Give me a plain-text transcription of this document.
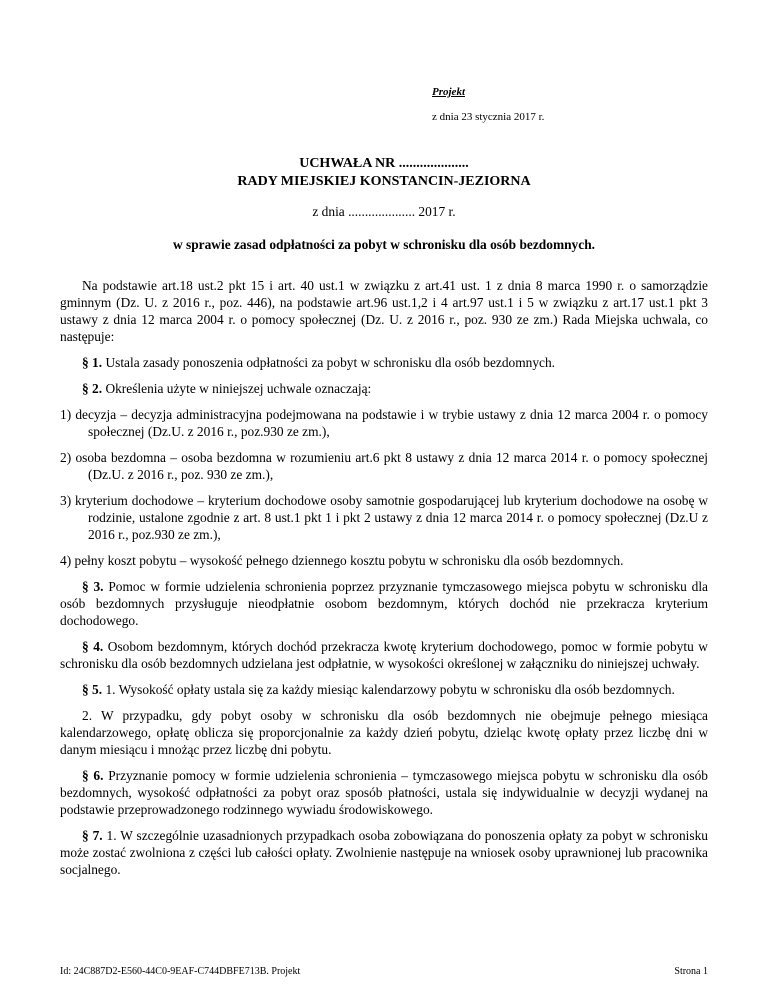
Projekt
z dnia 23 stycznia 2017 r.
UCHWAŁA NR ....................
RADY MIEJSKIEJ KONSTANCIN-JEZIORNA
z dnia .................... 2017 r.
w sprawie zasad odpłatności za pobyt w schronisku dla osób bezdomnych.

Na podstawie art.18 ust.2 pkt 15 i art. 40 ust.1 w związku z art.41 ust. 1 z dnia 8 marca 1990 r. o samorządzie gminnym (Dz. U. z 2016 r., poz. 446), na podstawie art.96 ust.1,2 i 4 art.97 ust.1 i 5 w związku z art.17 ust.1 pkt 3 ustawy z dnia 12 marca 2004 r. o pomocy społecznej (Dz. U. z 2016 r., poz. 930 ze zm.) Rada Miejska uchwala, co następuje:

§ 1. Ustala zasady ponoszenia odpłatności za pobyt w schronisku dla osób bezdomnych.

§ 2. Określenia użyte w niniejszej uchwale oznaczają:

1) decyzja – decyzja administracyjna podejmowana na podstawie i w trybie ustawy z dnia 12 marca 2004 r. o pomocy społecznej (Dz.U. z 2016 r., poz.930 ze zm.),

2) osoba bezdomna – osoba bezdomna w rozumieniu art.6 pkt 8 ustawy z dnia 12 marca 2014 r. o pomocy społecznej (Dz.U. z 2016 r., poz. 930 ze zm.),

3) kryterium dochodowe – kryterium dochodowe osoby samotnie gospodarującej lub kryterium dochodowe na osobę w rodzinie, ustalone zgodnie z art. 8 ust.1 pkt 1 i pkt 2 ustawy z dnia 12 marca 2014 r. o pomocy społecznej (Dz.U z 2016 r., poz.930 ze zm.),

4) pełny koszt pobytu – wysokość pełnego dziennego kosztu pobytu w schronisku dla osób bezdomnych.

§ 3. Pomoc w formie udzielenia schronienia poprzez przyznanie tymczasowego miejsca pobytu w schronisku dla osób bezdomnych przysługuje nieodpłatnie osobom bezdomnym, których dochód nie przekracza kryterium dochodowego.

§ 4. Osobom bezdomnym, których dochód przekracza kwotę kryterium dochodowego, pomoc w formie pobytu w schronisku dla osób bezdomnych udzielana jest odpłatnie, w wysokości określonej w załączniku do niniejszej uchwały.

§ 5. 1. Wysokość opłaty ustala się za każdy miesiąc kalendarzowy pobytu w schronisku dla osób bezdomnych.

2. W przypadku, gdy pobyt osoby w schronisku dla osób bezdomnych nie obejmuje pełnego miesiąca kalendarzowego, opłatę oblicza się proporcjonalnie za każdy dzień pobytu, dzieląc kwotę opłaty przez liczbę dni w danym miesiącu i mnożąc przez liczbę dni pobytu.

§ 6. Przyznanie pomocy w formie udzielenia schronienia – tymczasowego miejsca pobytu w schronisku dla osób bezdomnych, wysokość odpłatności za pobyt oraz sposób płatności, ustala się indywidualnie w decyzji wydanej na podstawie przeprowadzonego rodzinnego wywiadu środowiskowego.

§ 7. 1. W szczególnie uzasadnionych przypadkach osoba zobowiązana do ponoszenia opłaty za pobyt w schronisku może zostać zwolniona z części lub całości opłaty. Zwolnienie następuje na wniosek osoby uprawnionej lub pracownika socjalnego.

Id: 24C887D2-E560-44C0-9EAF-C744DBFE713B. Projekt	Strona 1
